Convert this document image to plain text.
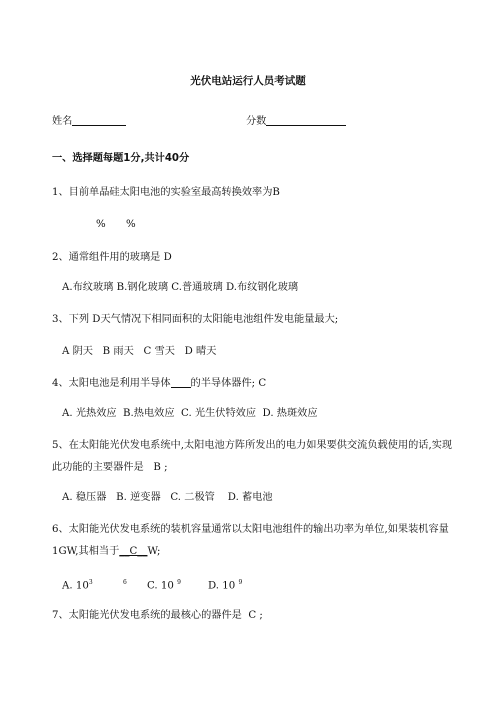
光伏电站运行人员考试题
姓名	分数
一、选择题每题1分,共计40分
1、目前单晶硅太阳电池的实验室最高转换效率为B
% %
2、通常组件用的玻璃是 D
A.布纹玻璃 B.钢化玻璃 C.普通玻璃 D.布纹钢化玻璃
3、下列 D天气情况下相同面积的太阳能电池组件发电能量最大;
A 阴天   B 雨天   C 雪天   D 晴天
4、太阳电池是利用半导体 的半导体器件; C
A. 光热效应  B.热电效应  C. 光生伏特效应  D. 热斑效应
5、在太阳能光伏发电系统中,太阳电池方阵所发出的电力如果要供交流负载使用的话,实现
此功能的主要器件是   B ;
A. 稳压器   B. 逆变器   C. 二极管    D. 蓄电池
6、太阳能光伏发电系统的装机容量通常以太阳电池组件的输出功率为单位,如果装机容量
1GW,其相当于__C__W;
A. $10^3$	$^6$ C. 10 $^9$	D. 10 $^9$
7、太阳能光伏发电系统的最核心的器件是  C ;
